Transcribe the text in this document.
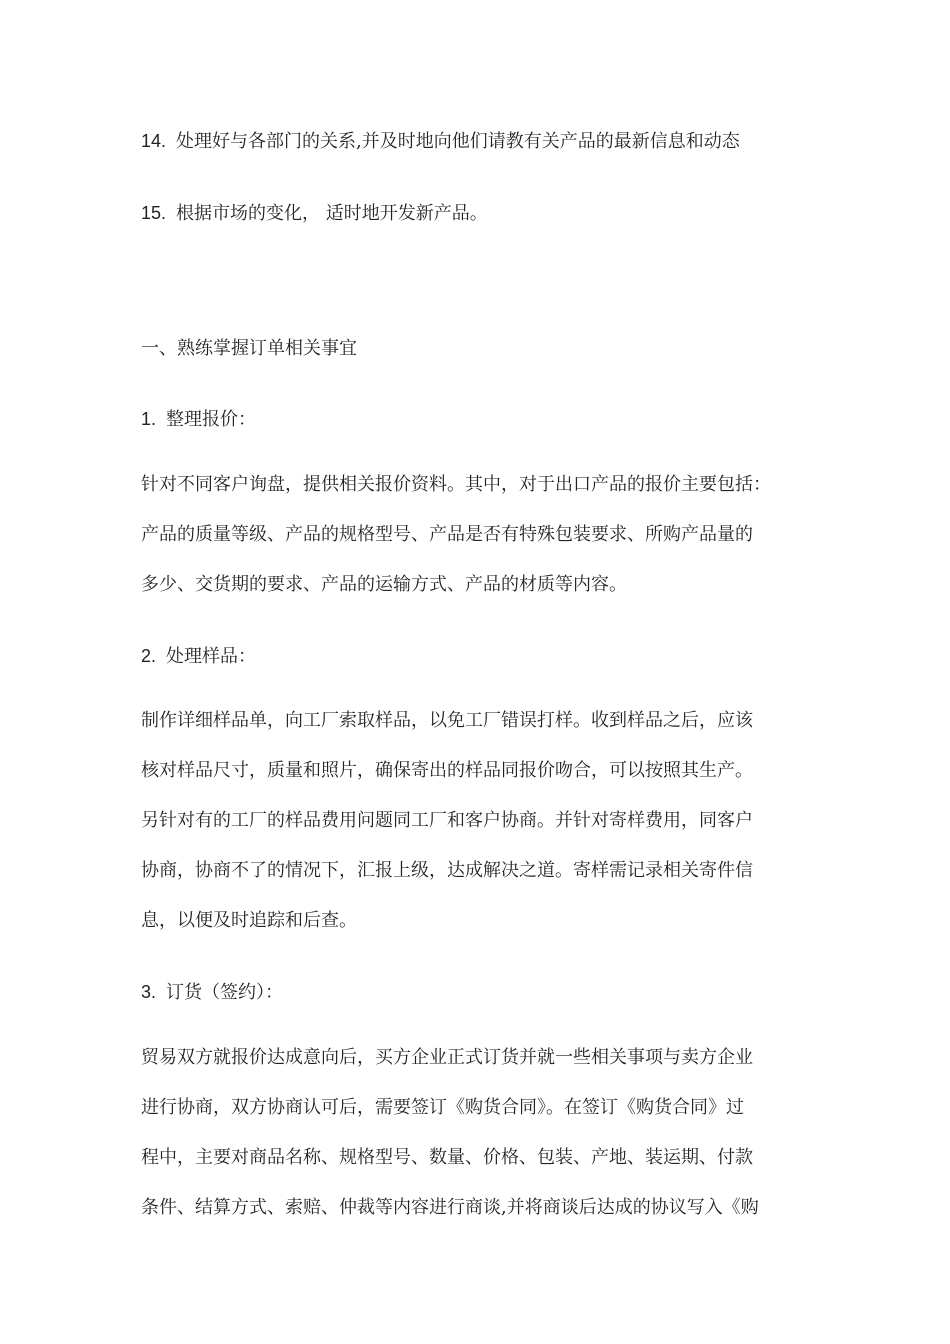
14. 处理好与各部门的关系,并及时地向他们请教有关产品的最新信息和动态
15. 根据市场的变化， 适时地开发新产品。
一、熟练掌握订单相关事宜
1. 整理报价：
针对不同客户询盘，提供相关报价资料。其中，对于出口产品的报价主要包括：
产品的质量等级、产品的规格型号、产品是否有特殊包装要求、所购产品量的
多少、交货期的要求、产品的运输方式、产品的材质等内容。
2. 处理样品：
制作详细样品单，向工厂索取样品，以免工厂错误打样。收到样品之后，应该
核对样品尺寸，质量和照片，确保寄出的样品同报价吻合，可以按照其生产。
另针对有的工厂的样品费用问题同工厂和客户协商。并针对寄样费用，同客户
协商，协商不了的情况下，汇报上级，达成解决之道。寄样需记录相关寄件信
息，以便及时追踪和后查。
3. 订货（签约）：
贸易双方就报价达成意向后，买方企业正式订货并就一些相关事项与卖方企业
进行协商，双方协商认可后，需要签订《购货合同》。在签订《购货合同》过
程中，主要对商品名称、规格型号、数量、价格、包装、产地、装运期、付款
条件、结算方式、索赔、仲裁等内容进行商谈,并将商谈后达成的协议写入《购
